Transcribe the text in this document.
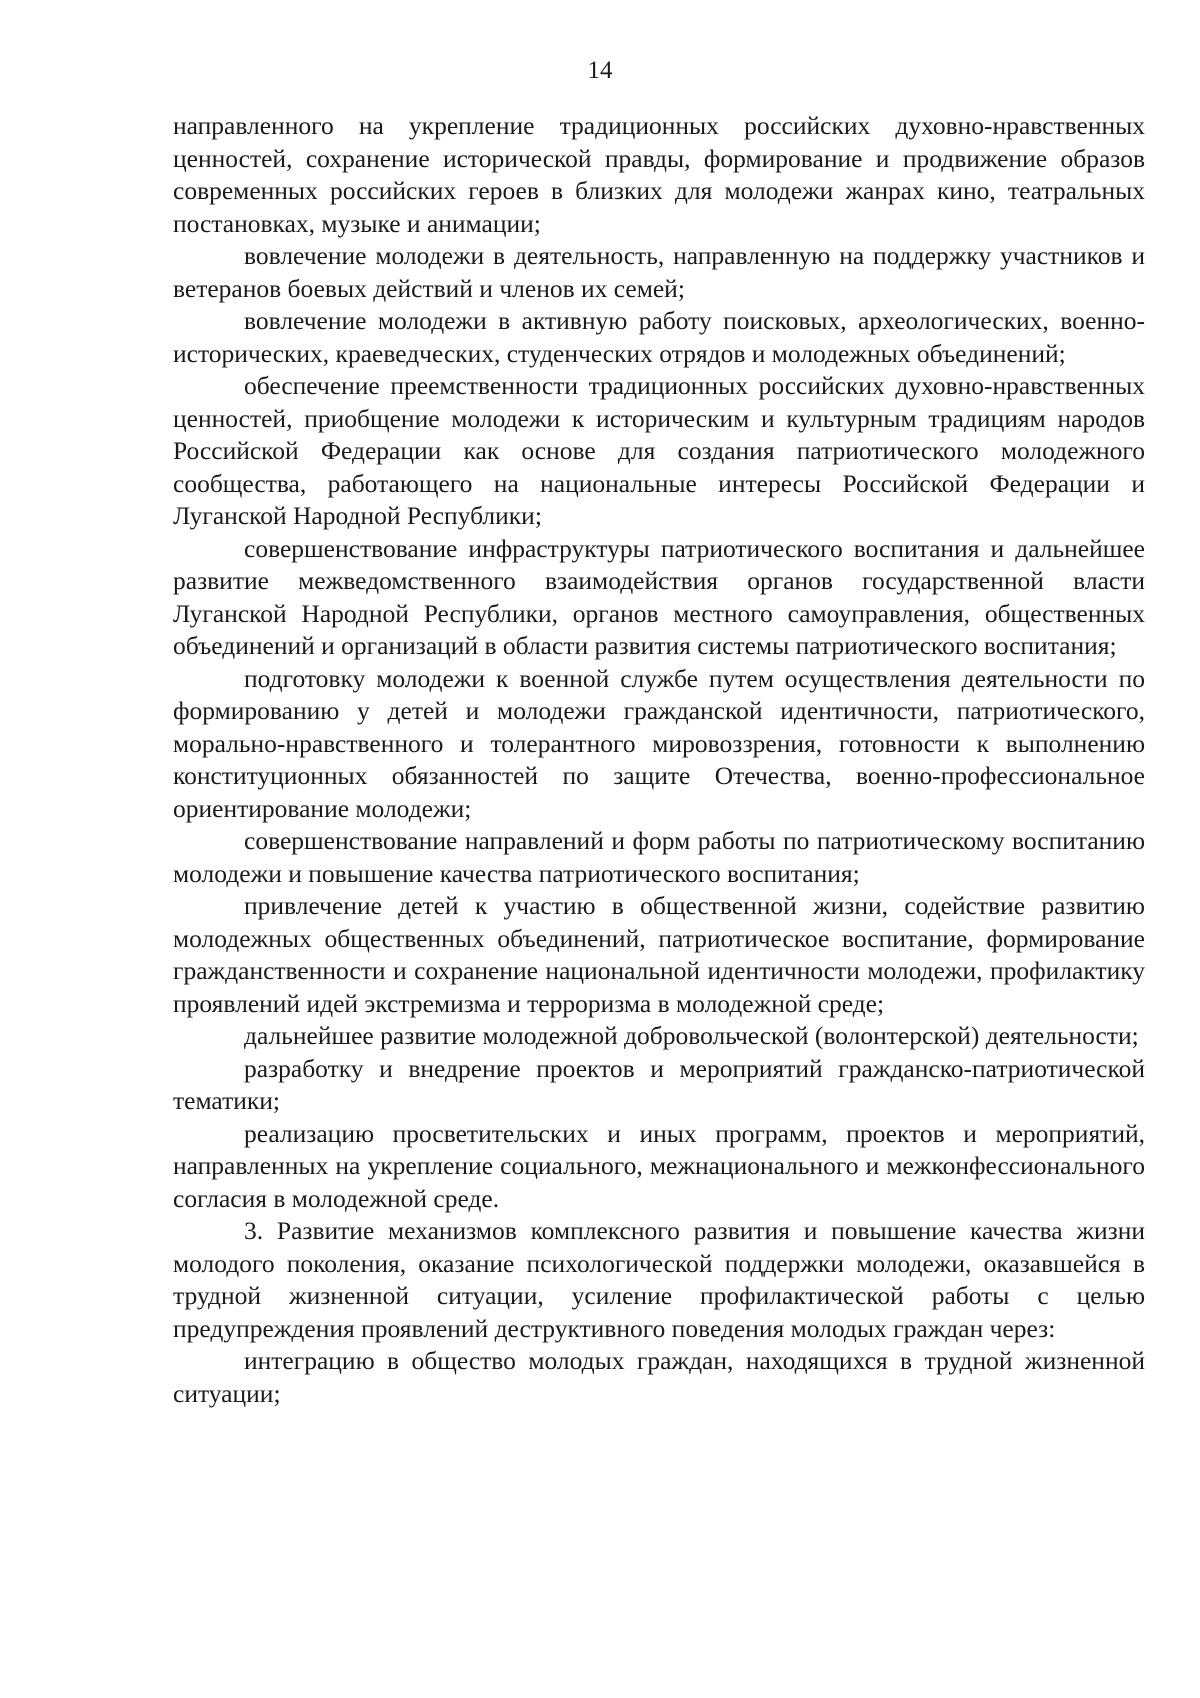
14

направленного на укрепление традиционных российских духовно-нравственных ценностей, сохранение исторической правды, формирование и продвижение образов современных российских героев в близких для молодежи жанрах кино, театральных постановках, музыке и анимации;

вовлечение молодежи в деятельность, направленную на поддержку участников и ветеранов боевых действий и членов их семей;

вовлечение молодежи в активную работу поисковых, археологических, военно-исторических, краеведческих, студенческих отрядов и молодежных объединений;

обеспечение преемственности традиционных российских духовно-нравственных ценностей, приобщение молодежи к историческим и культурным традициям народов Российской Федерации как основе для создания патриотического молодежного сообщества, работающего на национальные интересы Российской Федерации и Луганской Народной Республики;

совершенствование инфраструктуры патриотического воспитания и дальнейшее развитие межведомственного взаимодействия органов государственной власти Луганской Народной Республики, органов местного самоуправления, общественных объединений и организаций в области развития системы патриотического воспитания;

подготовку молодежи к военной службе путем осуществления деятельности по формированию у детей и молодежи гражданской идентичности, патриотического, морально-нравственного и толерантного мировоззрения, готовности к выполнению конституционных обязанностей по защите Отечества, военно-профессиональное ориентирование молодежи;

совершенствование направлений и форм работы по патриотическому воспитанию молодежи и повышение качества патриотического воспитания;

привлечение детей к участию в общественной жизни, содействие развитию молодежных общественных объединений, патриотическое воспитание, формирование гражданственности и сохранение национальной идентичности молодежи, профилактику проявлений идей экстремизма и терроризма в молодежной среде;

дальнейшее развитие молодежной добровольческой (волонтерской) деятельности;

разработку и внедрение проектов и мероприятий гражданско-патриотической тематики;

реализацию просветительских и иных программ, проектов и мероприятий, направленных на укрепление социального, межнационального и межконфессионального согласия в молодежной среде.

3. Развитие механизмов комплексного развития и повышение качества жизни молодого поколения, оказание психологической поддержки молодежи, оказавшейся в трудной жизненной ситуации, усиление профилактической работы с целью предупреждения проявлений деструктивного поведения молодых граждан через:

интеграцию в общество молодых граждан, находящихся в трудной жизненной ситуации;
